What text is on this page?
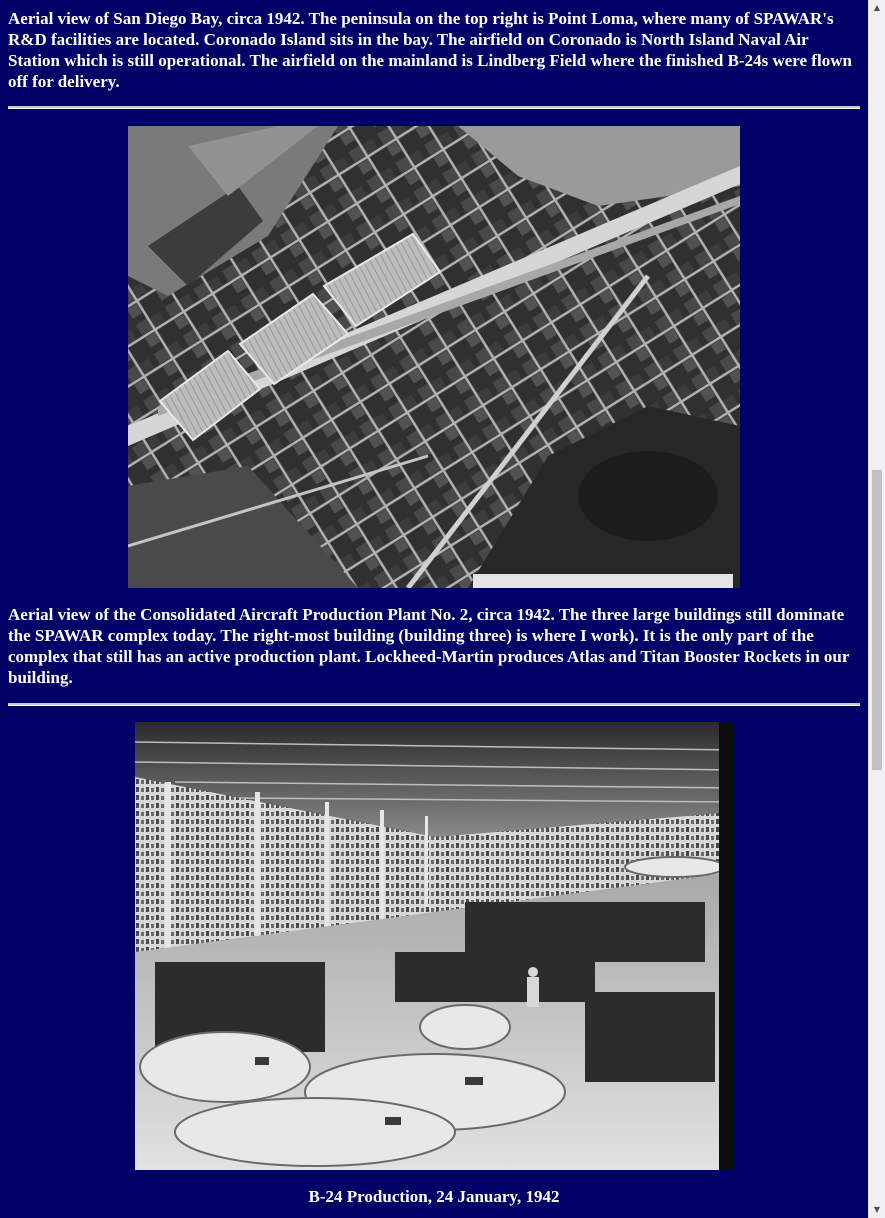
Aerial view of San Diego Bay, circa 1942. The peninsula on the top right is Point Loma, where many of SPAWAR's R&D facilities are located. Coronado Island sits in the bay. The airfield on Coronado is North Island Naval Air Station which is still operational. The airfield on the mainland is Lindberg Field where the finished B-24s were flown off for delivery.

Aerial view of the Consolidated Aircraft Production Plant No. 2, circa 1942. The three large buildings still dominate the SPAWAR complex today. The right-most building (building three) is where I work). It is the only part of the complex that still has an active production plant. Lockheed-Martin produces Atlas and Titan Booster Rockets in our building.

B-24 Production, 24 January, 1942
▲
▼
